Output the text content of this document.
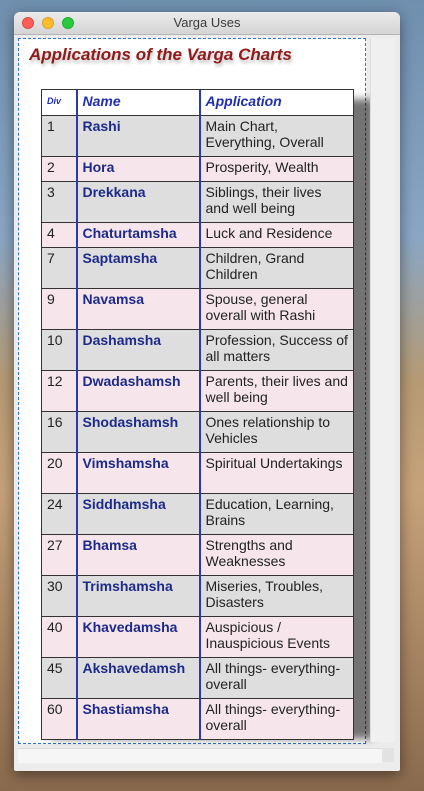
Varga Uses
Applications of the Varga Charts
Div	Name	Application
1	Rashi	Main Chart, Everything, Overall
2	Hora	Prosperity, Wealth
3	Drekkana	Siblings, their lives and well being
4	Chaturtamsha	Luck and Residence
7	Saptamsha	Children, Grand Children
9	Navamsa	Spouse, general overall with Rashi
10	Dashamsha	Profession, Success of all matters
12	Dwadashamsh	Parents, their lives and well being
16	Shodashamsh	Ones relationship to Vehicles
20	Vimshamsha	Spiritual Undertakings
24	Siddhamsha	Education, Learning, Brains
27	Bhamsa	Strengths and Weaknesses
30	Trimshamsha	Miseries, Troubles, Disasters
40	Khavedamsha	Auspicious / Inauspicious Events
45	Akshavedamsh	All things- everything- overall
60	Shastiamsha	All things- everything- overall
